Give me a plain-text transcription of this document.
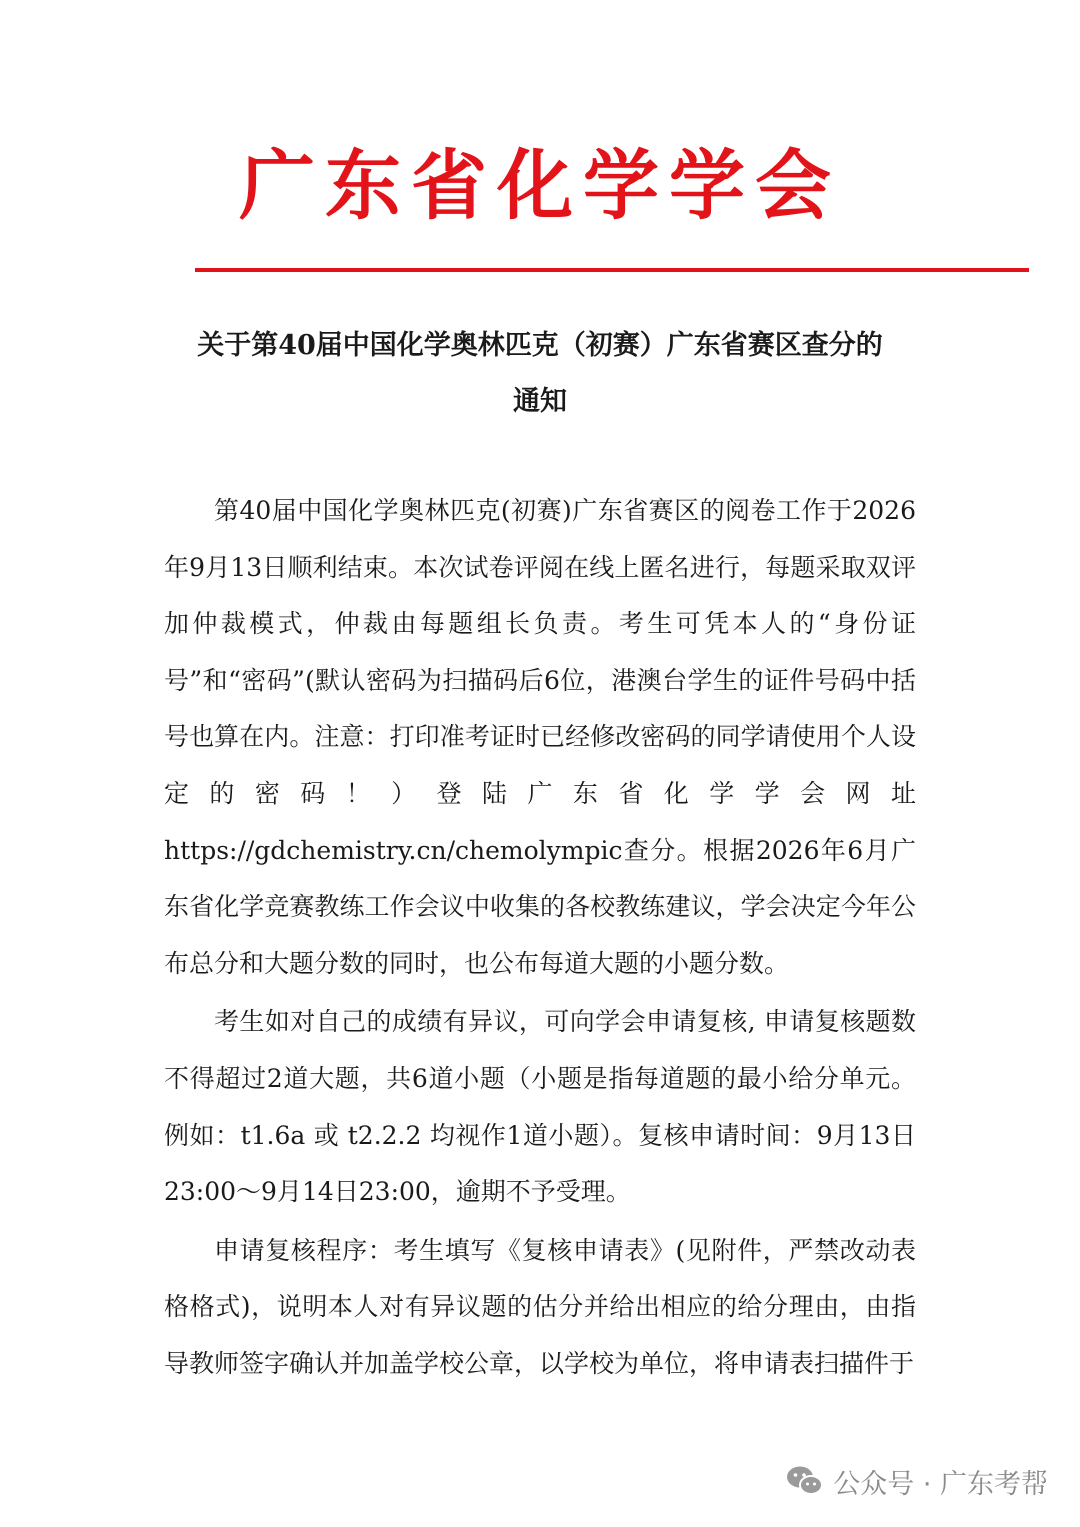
广东省化学学会
关于第40届中国化学奥林匹克（初赛）广东省赛区查分的
通知

第40届中国化学奥林匹克(初赛)广东省赛区的阅卷工作于2026年9月13日顺利结束。本次试卷评阅在线上匿名进行，每题采取双评加仲裁模式，仲裁由每题组长负责。考生可凭本人的“身份证号”和“密码”(默认密码为扫描码后6位，港澳台学生的证件号码中括号也算在内。注意：打印准考证时已经修改密码的同学请使用个人设定的密码！）登陆广东省化学学会网址https://gdchemistry.cn/chemolympic查分。根据2026年6月广东省化学竞赛教练工作会议中收集的各校教练建议，学会决定今年公布总分和大题分数的同时，也公布每道大题的小题分数。

考生如对自己的成绩有异议，可向学会申请复核, 申请复核题数不得超过2道大题，共6道小题（小题是指每道题的最小给分单元。例如：t1.6a 或 t2.2.2 均视作1道小题）。复核申请时间：9月13日23:00～9月14日23:00，逾期不予受理。

申请复核程序：考生填写《复核申请表》(见附件，严禁改动表格格式)，说明本人对有异议题的估分并给出相应的给分理由，由指导教师签字确认并加盖学校公章，以学校为单位，将申请表扫描件于

公众号 · 广东考帮
